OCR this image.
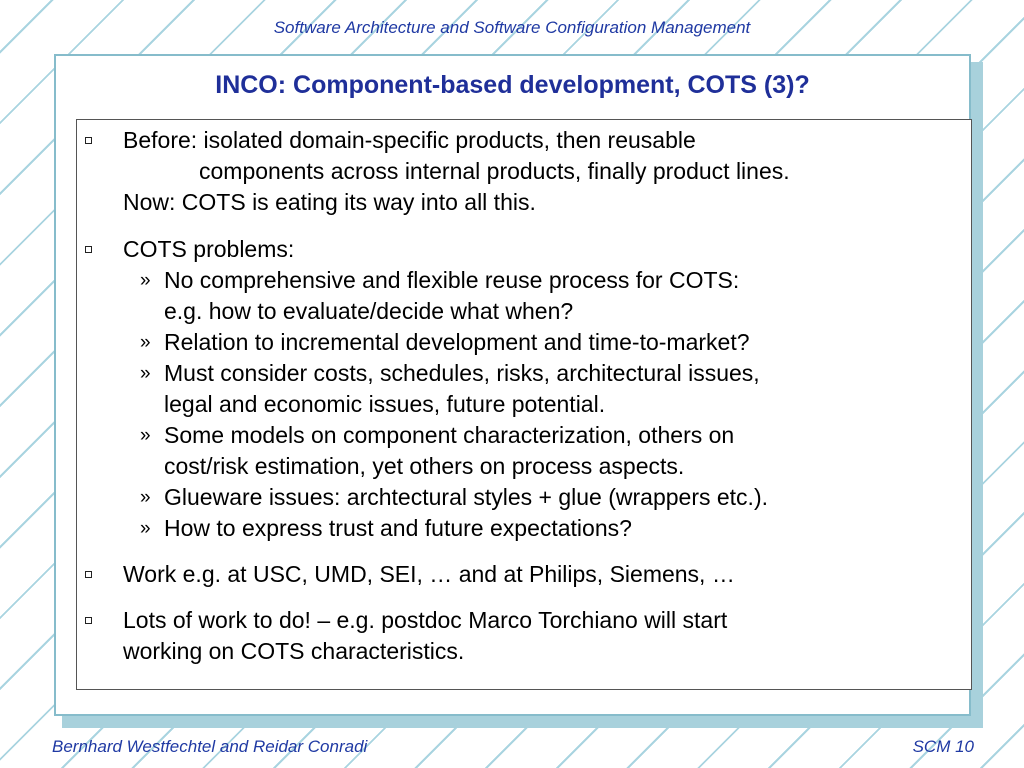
Software Architecture and Software Configuration Management
INCO: Component-based development, COTS (3)?
Before: isolated domain-specific products, then reusable
components across internal products, finally product lines.
Now: COTS is eating its way into all this.
COTS problems:
» No comprehensive and flexible reuse process for COTS:
e.g. how to evaluate/decide what when?
» Relation to incremental development and time-to-market?
» Must consider costs, schedules, risks, architectural issues,
legal and economic issues, future potential.
» Some models on component characterization, others on
cost/risk estimation, yet others on process aspects.
» Glueware issues: archtectural styles + glue (wrappers etc.).
» How to express trust and future expectations?
Work e.g. at USC, UMD, SEI, … and at Philips, Siemens, …
Lots of work to do! – e.g. postdoc Marco Torchiano will start
working on COTS characteristics.
Bernhard Westfechtel and Reidar Conradi	SCM 10
